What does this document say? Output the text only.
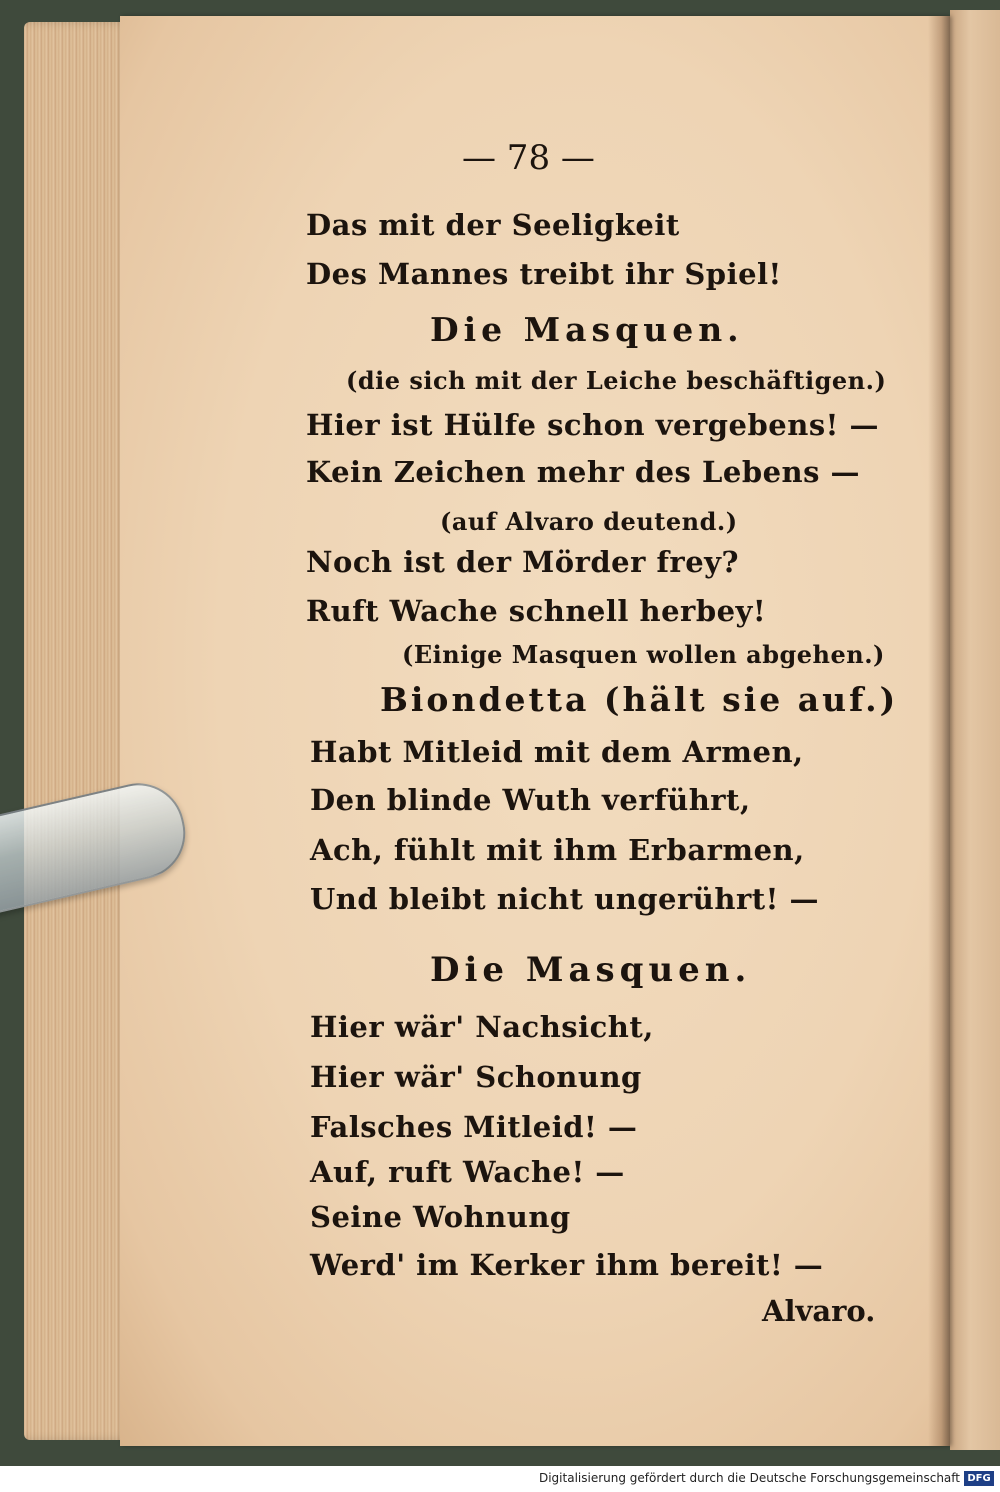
— 78 —
Das mit der Seeligkeit
Des Mannes treibt ihr Spiel!
Die Masquen.
(die sich mit der Leiche beschäftigen.)
Hier ist Hülfe schon vergebens! —
Kein Zeichen mehr des Lebens —
(auf Alvaro deutend.)
Noch ist der Mörder frey?
Ruft Wache schnell herbey!
(Einige Masquen wollen abgehen.)
Biondetta (hält sie auf.)
Habt Mitleid mit dem Armen,
Den blinde Wuth verführt,
Ach, fühlt mit ihm Erbarmen,
Und bleibt nicht ungerührt! —
Die Masquen.
Hier wär' Nachsicht,
Hier wär' Schonung
Falsches Mitleid! —
Auf, ruft Wache! —
Seine Wohnung
Werd' im Kerker ihm bereit! —
Alvaro.
Digitalisierung gefördert durch die Deutsche Forschungsgemeinschaft DFG
